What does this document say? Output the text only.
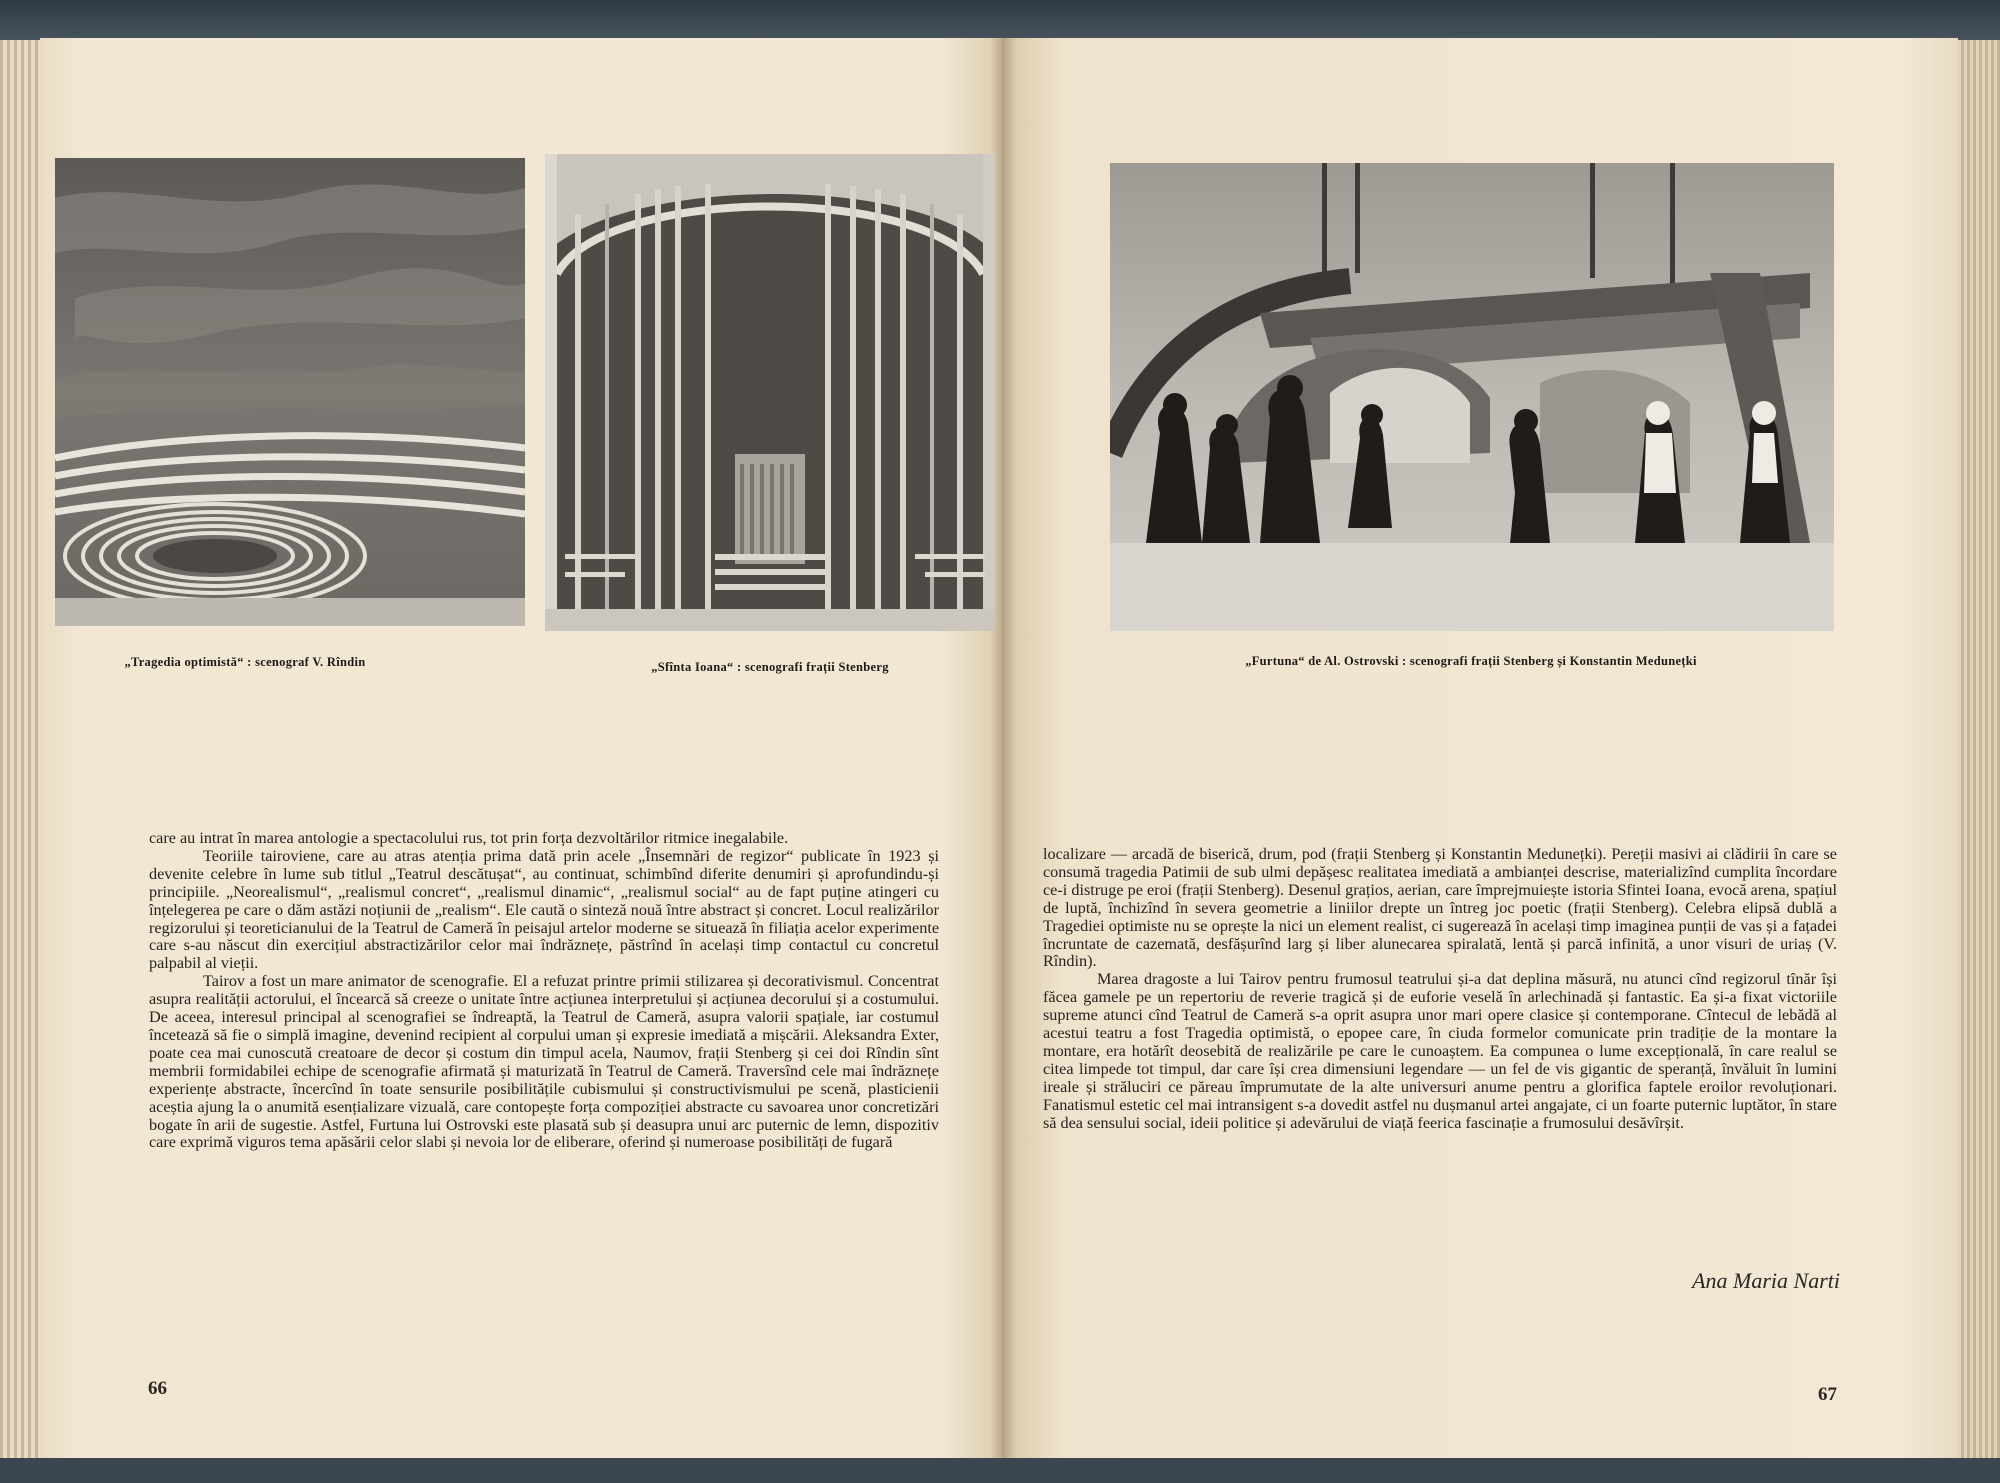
„Tragedia optimistă“ : scenograf V. Rîndin	„Sfînta Ioana“ : scenografi frații Stenberg	„Furtuna“ de Al. Ostrovski : scenografi frații Stenberg și Konstantin Medunețki

care au intrat în marea antologie a spectacolului rus, tot prin forța dezvoltărilor ritmice inegalabile.

Teoriile tairoviene, care au atras atenția prima dată prin acele „Însemnări de regizor“ publicate în 1923 și devenite celebre în lume sub titlul „Teatrul descătușat“, au continuat, schimbînd diferite denumiri și aprofundindu-și principiile. „Neorealismul“, „realismul concret“, „realismul dinamic“, „realismul social“ au de fapt puține atingeri cu înțelegerea pe care o dăm astăzi noțiunii de „realism“. Ele caută o sinteză nouă între abstract și concret. Locul realizărilor regizorului și teoreticianului de la Teatrul de Cameră în peisajul artelor moderne se situează în filiația acelor experimente care s-au născut din exercițiul abstractizărilor celor mai îndrăznețe, păstrînd în același timp contactul cu concretul palpabil al vieții.

Tairov a fost un mare animator de scenografie. El a refuzat printre primii stilizarea și decorativismul. Concentrat asupra realității actorului, el încearcă să creeze o unitate între acțiunea interpretului și acțiunea decorului și a costumului. De aceea, interesul principal al scenografiei se îndreaptă, la Teatrul de Cameră, asupra valorii spațiale, iar costumul încetează să fie o simplă imagine, devenind recipient al corpului uman și expresie imediată a mișcării. Aleksandra Exter, poate cea mai cunoscută creatoare de decor și costum din timpul acela, Naumov, frații Stenberg și cei doi Rîndin sînt membrii formidabilei echipe de scenografie afirmată și maturizată în Teatrul de Cameră. Traversînd cele mai îndrăznețe experiențe abstracte, încercînd în toate sensurile posibilitățile cubismului și constructivismului pe scenă, plasticienii aceștia ajung la o anumită esențializare vizuală, care contopește forța compoziției abstracte cu savoarea unor concretizări bogate în arii de sugestie. Astfel, Furtuna lui Ostrovski este plasată sub și deasupra unui arc puternic de lemn, dispozitiv care exprimă viguros tema apăsării celor slabi și nevoia lor de eliberare, oferind și numeroase posibilități de fugară

localizare — arcadă de biserică, drum, pod (frații Stenberg și Konstantin Medunețki). Pereții masivi ai clădirii în care se consumă tragedia Patimii de sub ulmi depășesc realitatea imediată a ambianței descrise, materializînd cumplita încordare ce-i distruge pe eroi (frații Stenberg). Desenul grațios, aerian, care împrejmuiește istoria Sfintei Ioana, evocă arena, spațiul de luptă, închizînd în severa geometrie a liniilor drepte un întreg joc poetic (frații Stenberg). Celebra elipsă dublă a Tragediei optimiste nu se oprește la nici un element realist, ci sugerează în același timp imaginea punții de vas și a fațadei încruntate de cazemată, desfășurînd larg și liber alunecarea spiralată, lentă și parcă infinită, a unor visuri de uriaș (V. Rîndin).

Marea dragoste a lui Tairov pentru frumosul teatrului și-a dat deplina măsură, nu atunci cînd regizorul tînăr își făcea gamele pe un repertoriu de reverie tragică și de euforie veselă în arlechinadă și fantastic. Ea și-a fixat victoriile supreme atunci cînd Teatrul de Cameră s-a oprit asupra unor mari opere clasice și contemporane. Cîntecul de lebădă al acestui teatru a fost Tragedia optimistă, o epopee care, în ciuda formelor comunicate prin tradiție de la montare la montare, era hotărît deosebită de realizările pe care le cunoaștem. Ea compunea o lume excepțională, în care realul se citea limpede tot timpul, dar care își crea dimensiuni legendare — un fel de vis gigantic de speranță, învăluit în lumini ireale și străluciri ce păreau împrumutate de la alte universuri anume pentru a glorifica faptele eroilor revoluționari. Fanatismul estetic cel mai intransigent s-a dovedit astfel nu dușmanul artei angajate, ci un foarte puternic luptător, în stare să dea sensului social, ideii politice și adevărului de viață feerica fascinație a frumosului desăvîrșit.

Ana Maria Narti
66	67
